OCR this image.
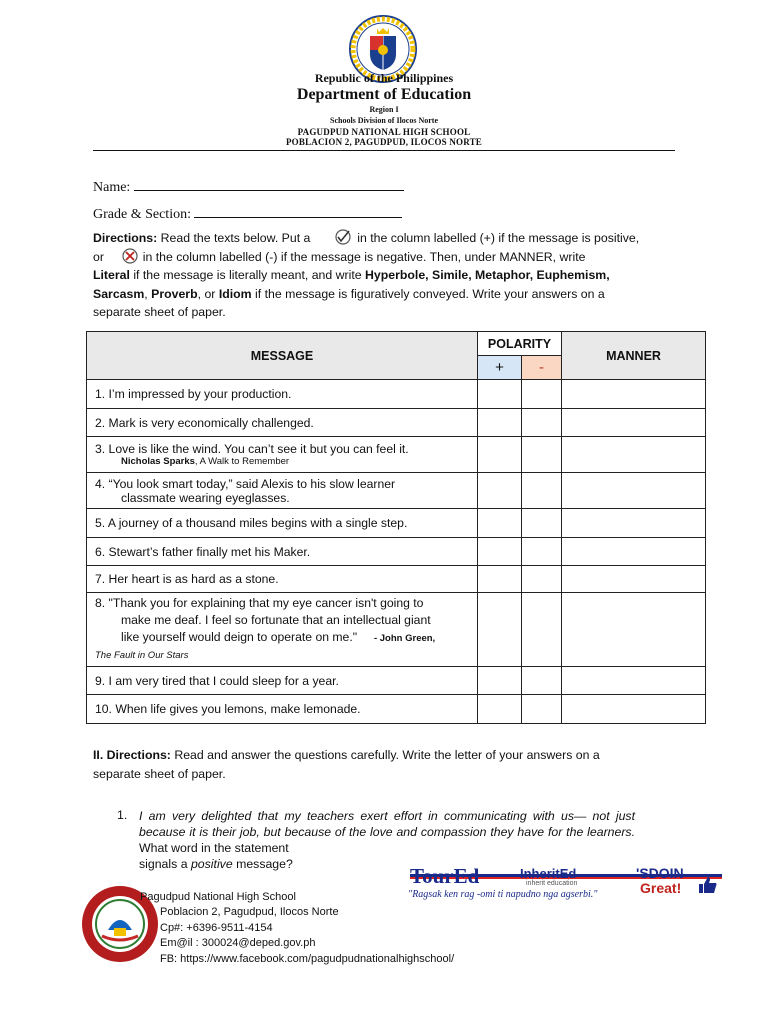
Republic of the Philippines
Department of Education
Region I
Schools Division of Ilocos Norte
PAGUDPUD NATIONAL HIGH SCHOOL
POBLACION 2, PAGUDPUD, ILOCOS NORTE
Name:
Grade & Section:
Directions: Read the texts below. Put a	in the column labelled (+) if the message is positive,
or	in the column labelled (-) if the message is negative. Then, under MANNER, write
Literal if the message is literally meant, and write Hyperbole, Simile, Metaphor, Euphemism,
Sarcasm, Proverb, or Idiom if the message is figuratively conveyed. Write your answers on a
separate sheet of paper.
MESSAGE	POLARITY		MANNER
	+	-	
1. I’m impressed by your production.			
2. Mark is very economically challenged.			

3. Love is like the wind. You can’t see it but you can feel it.
Nicholas Sparks, A Walk to Remember			

4. “You look smart today,” said Alexis to his slow learner
classmate wearing eyeglasses.			

5. A journey of a thousand miles begins with a single step.			
6. Stewart’s father finally met his Maker.			
7. Her heart is as hard as a stone.			

8. "Thank you for explaining that my eye cancer isn't going to
make me deaf. I feel so fortunate that an intellectual giant
like yourself would deign to operate on me." - John Green,
The Fault in Our Stars			

9. I am very tired that I could sleep for a year.			
10. When life gives you lemons, make lemonade.			
II. Directions: Read and answer the questions carefully. Write the letter of your answers on a
separate sheet of paper.
1. I am very delighted that my teachers exert effort in communicating with us— not just because it is their job, but because of the love and compassion they have for the learners. What word in the statement
signals a positive message?	TourEd	InheritEd
inherit education
"Ragsak ken rag -omi ti napudno nga agserbi."
'SDOIN
Great!
Pagudpud National High School
Poblacion 2, Pagudpud, Ilocos Norte
Cp#: +6396-9511-4154
Em@il : 300024@deped.gov.ph
FB: https://www.facebook.com/pagudpudnationalhighschool/
